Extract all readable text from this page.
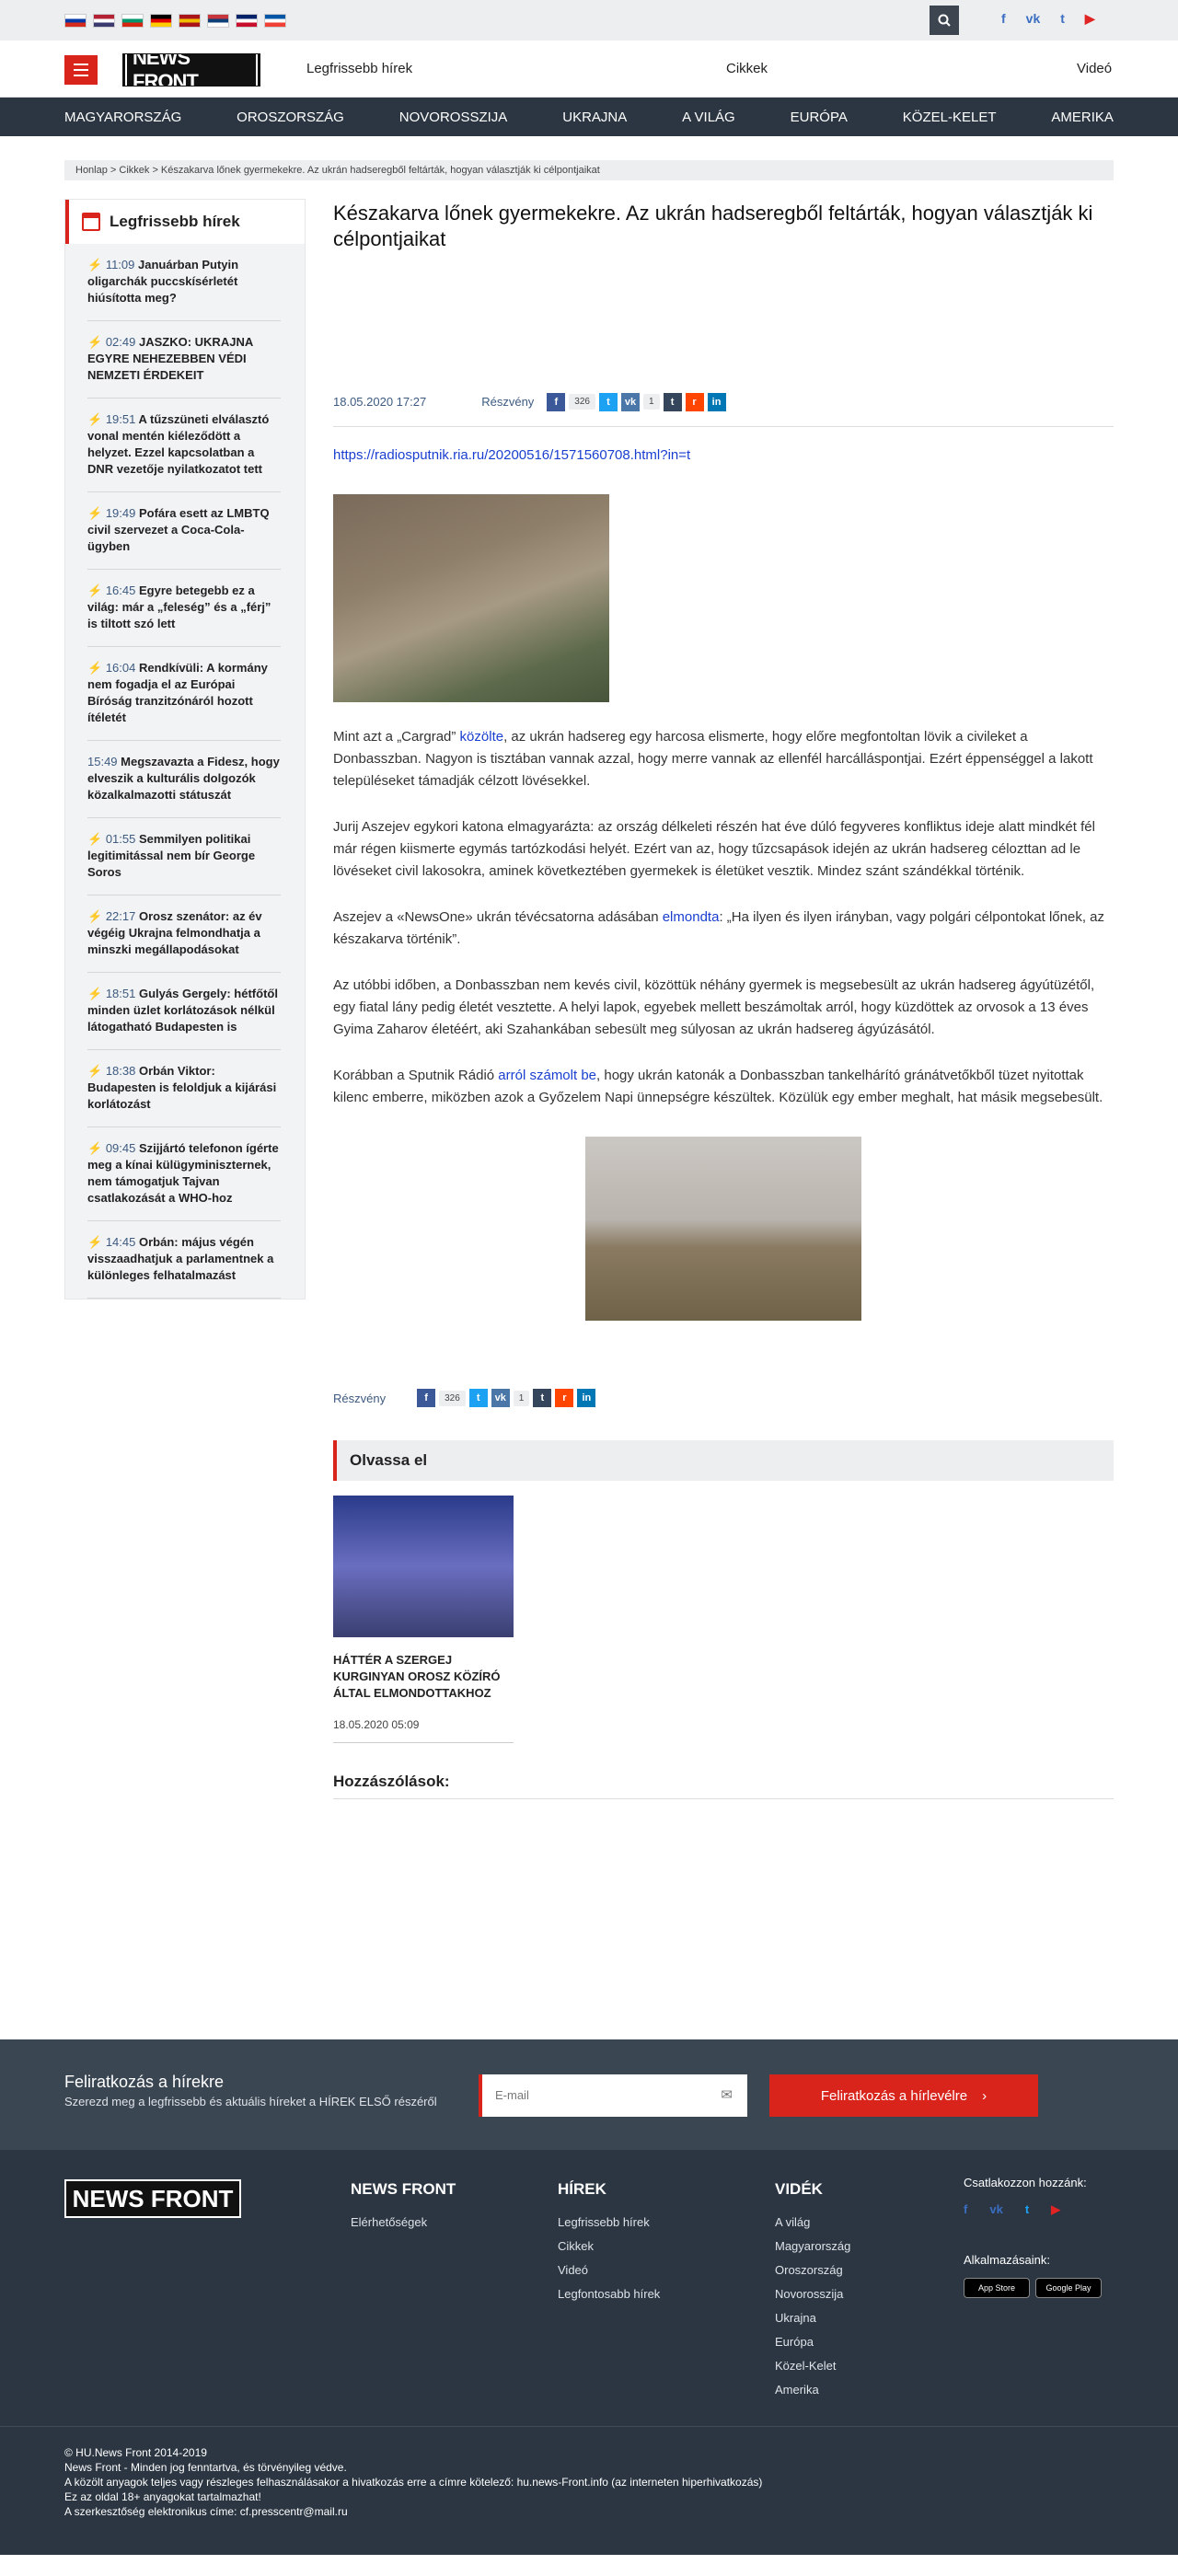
f vk t ▶
NEWS FRONT
Legfrissebb hírek	Cikkek	Videó
MAGYARORSZÁG	OROSZORSZÁG	NOVOROSSZIJA	UKRAJNA	A VILÁG	EURÓPA	KÖZEL-KELET	AMERIKA
Honlap > Cikkek > Készakarva lőnek gyermekekre. Az ukrán hadseregből feltárták, hogyan választják ki célpontjaikat
Legfrissebb hírek
⚡ 11:09 Januárban Putyin oligarchák puccskísérletét hiúsította meg?
⚡ 02:49 JASZKO: UKRAJNA EGYRE NEHEZEBBEN VÉDI NEMZETI ÉRDEKEIT
⚡ 19:51 A tűzszüneti elválasztó vonal mentén kiéleződött a helyzet. Ezzel kapcsolatban a DNR vezetője nyilatkozatot tett
⚡ 19:49 Pofára esett az LMBTQ civil szervezet a Coca-Cola-ügyben
⚡ 16:45 Egyre betegebb ez a világ: már a „feleség” és a „férj” is tiltott szó lett
⚡ 16:04 Rendkívüli: A kormány nem fogadja el az Európai Bíróság tranzitzónáról hozott ítéletét
15:49 Megszavazta a Fidesz, hogy elveszik a kulturális dolgozók közalkalmazotti státuszát
⚡ 01:55 Semmilyen politikai legitimitással nem bír George Soros
⚡ 22:17 Orosz szenátor: az év végéig Ukrajna felmondhatja a minszki megállapodásokat
⚡ 18:51 Gulyás Gergely: hétfőtől minden üzlet korlátozások nélkül látogatható Budapesten is
⚡ 18:38 Orbán Viktor: Budapesten is feloldjuk a kijárási korlátozást
⚡ 09:45 Szijjártó telefonon ígérte meg a kínai külügyminiszternek, nem támogatjuk Tajvan csatlakozását a WHO-hoz
⚡ 14:45 Orbán: május végén visszaadhatjuk a parlamentnek a különleges felhatalmazást
Készakarva lőnek gyermekekre. Az ukrán hadseregből feltárták, hogyan választják ki célpontjaikat
18.05.2020 17:27	Részvény	f	326	t	vk	1	t	r	in
https://radiosputnik.ria.ru/20200516/1571560708.html?in=t

Mint azt a „Cargrad” közölte, az ukrán hadsereg egy harcosa elismerte, hogy előre megfontoltan lövik a civileket a Donbasszban. Nagyon is tisztában vannak azzal, hogy merre vannak az ellenfél harcálláspontjai. Ezért éppenséggel a lakott településeket támadják célzott lövésekkel.

Jurij Aszejev egykori katona elmagyarázta: az ország délkeleti részén hat éve dúló fegyveres konfliktus ideje alatt mindkét fél már régen kiismerte egymás tartózkodási helyét. Ezért van az, hogy tűzcsapások idején az ukrán hadsereg célozttan ad le lövéseket civil lakosokra, aminek következtében gyermekek is életüket vesztik. Mindez szánt szándékkal történik.

Aszejev a «NewsOne» ukrán tévécsatorna adásában elmondta: „Ha ilyen és ilyen irányban, vagy polgári célpontokat lőnek, az készakarva történik”.

Az utóbbi időben, a Donbasszban nem kevés civil, közöttük néhány gyermek is megsebesült az ukrán hadsereg ágyútüzétől, egy fiatal lány pedig életét vesztette. A helyi lapok, egyebek mellett beszámoltak arról, hogy küzdöttek az orvosok a 13 éves Gyima Zaharov életéért, aki Szahankában sebesült meg súlyosan az ukrán hadsereg ágyúzásától.

Korábban a Sputnik Rádió arról számolt be, hogy ukrán katonák a Donbasszban tankelhárító gránátvetőkből tüzet nyitottak kilenc emberre, miközben azok a Győzelem Napi ünnepségre készültek. Közülük egy ember meghalt, hat másik megsebesült.

Részvény	f	326	t	vk	1	t	r	in
Olvassa el
HÁTTÉR A SZERGEJ KURGINYAN OROSZ KÖZÍRÓ ÁLTAL ELMONDOTTAKHOZ
18.05.2020 05:09
Hozzászólások:
Feliratkozás a hírekre
Szerezd meg a legfrissebb és aktuális híreket a HÍREK ELSŐ részéről	E-mail	✉	Feliratkozás a hírlevélre ›
NEWS FRONT	NEWS FRONT
Elérhetőségek
HÍREK
Legfrissebb hírek
Cikkek
Videó
Legfontosabb hírek
VIDÉK
A világ
Magyarország
Oroszország
Novorosszija
Ukrajna
Európa
Közel-Kelet
Amerika
Csatlakozzon hozzánk:
f vk t ▶
Alkalmazásaink:
App Store	Google Play
© HU.News Front 2014-2019
News Front - Minden jog fenntartva, és törvényileg védve.
A közölt anyagok teljes vagy részleges felhasználásakor a hivatkozás erre a címre kötelező: hu.news-Front.info (az interneten hiperhivatkozás)
Ez az oldal 18+ anyagokat tartalmazhat!
A szerkesztőség elektronikus címe: cf.presscentr@mail.ru
